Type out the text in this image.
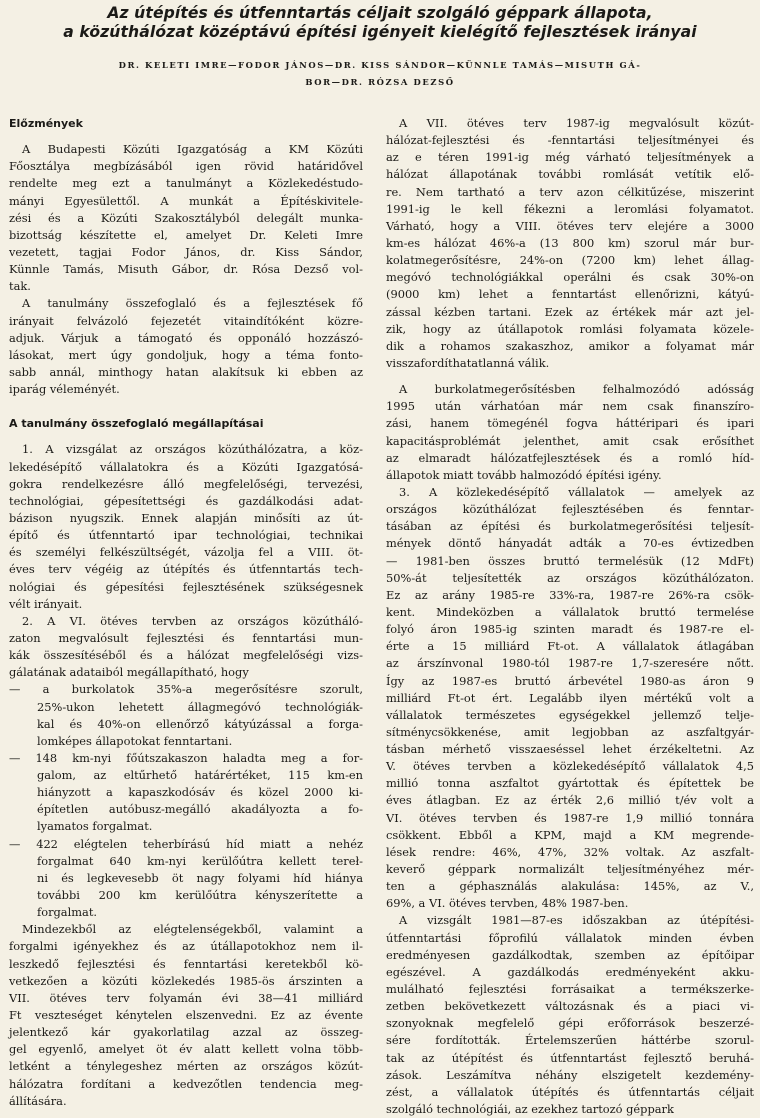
Az útépítés és útfenntartás céljait szolgáló géppark állapota,
a közúthálózat középtávú építési igényeit kielégítő fejlesztések irányai
DR. KELETI IMRE—FODOR JÁNOS—DR. KISS SÁNDOR—KÜNNLE TAMÁS—MISUTH GÁ-
BOR—DR. RÓZSA DEZSŐ
Előzmények
A Budapesti Közúti Igazgatóság a KM Közúti
Főosztálya megbízásából igen rövid határidővel
rendelte meg ezt a tanulmányt a Közlekedéstudo-
mányi Egyesülettől. A munkát a Építéskivitele-
zési és a Közúti Szakosztályból delegált munka-
bizottság készítette el, amelyet Dr. Keleti Imre
vezetett, tagjai Fodor János, dr. Kiss Sándor,
Künnle Tamás, Misuth Gábor, dr. Rósa Dezső vol-
tak.
A tanulmány összefoglaló és a fejlesztések fő
irányait felvázoló fejezetét vitaindítóként közre-
adjuk. Várjuk a támogató és opponáló hozzászó-
lásokat, mert úgy gondoljuk, hogy a téma fonto-
sabb annál, minthogy hatan alakítsuk ki ebben az
iparág véleményét.
A tanulmány összefoglaló megállapításai
1. A vizsgálat az országos közúthálózatra, a köz-
lekedésépítő vállalatokra és a Közúti Igazgatósá-
gokra rendelkezésre álló megfelelőségi, tervezési,
technológiai, gépesítettségi és gazdálkodási adat-
bázison nyugszik. Ennek alapján minősíti az út-
építő és útfenntartó ipar technológiai, technikai
és személyi felkészültségét, vázolja fel a VIII. öt-
éves terv végéig az útépítés és útfenntartás tech-
nológiai és gépesítési fejlesztésének szükségesnek
vélt irányait.
2. A VI. ötéves tervben az országos közúthálό-
zaton megvalósult fejlesztési és fenntartási mun-
kák összesítéséből és a hálózat megfelelőségi vizs-
gálatának adataiból megállapítható, hogy
— a burkolatok 35%-a megerősítésre szorult,
25%-ukon lehetett állagmegóvó technológiák-
kal és 40%-on ellenőrző kátyúzással a forga-
lomképes állapotokat fenntartani.
— 148 km-nyi főútszakaszon haladta meg a for-
galom, az eltűrhető határértéket, 115 km-en
hiányzott a kapaszkodósáv és közel 2000 ki-
építetlen autóbusz-megálló akadályozta a fo-
lyamatos forgalmat.
— 422 elégtelen teherbírású híd miatt a nehéz
forgalmat 640 km-nyi kerülőútra kellett tereł-
ni és legkevesebb öt nagy folyami híd hiánya
további 200 km kerülőútra kényszerítette a
forgalmat.
Mindezekből az elégtelenségekből, valamint a
forgalmi igényekhez és az útállapotokhoz nem il-
leszkedő fejlesztési és fenntartási keretekből kö-
vetkezően a közúti közlekedés 1985-ös árszinten a
VII. ötéves terv folyamán évi 38—41 milliárd
Ft veszteséget kénytelen elszenvedni. Ez az évente
jelentkező kár gyakorlatilag azzal az összeg-
gel egyenlő, amelyet öt év alatt kellett volna több-
letként a ténylegeshez mérten az országos közút-
hálózatra fordítani a kedvezőtlen tendencia meg-
állítására.
A VII. ötéves terv 1987-ig megvalósult közút-
hálózat-fejlesztési és -fenntartási teljesítményei és
az e téren 1991-ig még várható teljesítmények a
hálózat állapotának további romlását vetítik elő-
re. Nem tartható a terv azon célkitűzése, miszerint
1991-ig le kell fékezni a leromlási folyamatot.
Várható, hogy a VIII. ötéves terv elejére a 3000
km-es hálózat 46%-a (13 800 km) szorul már bur-
kolatmegerősítésre, 24%-on (7200 km) lehet állag-
megóvó technológiákkal operálni és csak 30%-on
(9000 km) lehet a fenntartást ellenőrizni, kátyú-
zással kézben tartani. Ezek az értékek már azt jel-
zik, hogy az útállapotok romlási folyamata közele-
dik a rohamos szakaszhoz, amikor a folyamat már
visszafordíthatatlanná válik.
A burkolatmegerősítésben felhalmozódó adósság
1995 után várhatóan már nem csak finanszíro-
zási, hanem tömegénél fogva háttéripari és ipari
kapacitásproblémát jelenthet, amit csak erősíthet
az elmaradt hálózatfejlesztések és a romló híd-
állapotok miatt tovább halmozódó építési igény.
3. A közlekedésépítő vállalatok — amelyek az
országos közúthálózat fejlesztésében és fenntar-
tásában az építési és burkolatmegerősítési teljesít-
mények döntő hányadát adták a 70-es évtizedben
— 1981-ben összes bruttó termelésük (12 MdFt)
50%-át teljesítették az országos közúthálózaton.
Ez az arány 1985-re 33%-ra, 1987-re 26%-ra csök-
kent. Mindeközben a vállalatok bruttó termelése
folyó áron 1985-ig szinten maradt és 1987-re el-
érte a 15 milliárd Ft-ot. A vállalatok átlagában
az árszínvonal 1980-tól 1987-re 1,7-szeresére nőtt.
Így az 1987-es bruttó árbevétel 1980-as áron 9
milliárd Ft-ot ért. Legalább ilyen mértékű volt a
vállalatok természetes egységekkel jellemző telje-
sítménycsökkenése, amit legjobban az aszfaltgyár-
tásban mérhető visszaeséssel lehet érzékeltetni. Az
V. ötéves tervben a közlekedésépítő vállalatok 4,5
millió tonna aszfaltot gyártottak és építettek be
éves átlagban. Ez az érték 2,6 millió t/év volt a
VI. ötéves tervben és 1987-re 1,9 millió tonnára
csökkent. Ebből a KPM, majd a KM megrende-
lések rendre: 46%, 47%, 32% voltak. Az aszfalt-
keverő géppark normalizált teljesítményéhez mér-
ten a géphasználás alakulása: 145%, az V.,
69%, a VI. ötéves tervben, 48% 1987-ben.
A vizsgált 1981—87-es időszakban az útépítési-
útfenntartási főprofilú vállalatok minden évben
eredményesen gazdálkodtak, szemben az építőipar
egészével. A gazdálkodás eredményeként akku-
mulálható fejlesztési forrásaikat a termékszerke-
zetben bekövetkezett változásnak és a piaci vi-
szonyoknak megfelelő gépi erőforrások beszerzé-
sére fordították. Értelemszerűen háttérbe szorul-
tak az útépítést és útfenntartást fejlesztő beruhá-
zások. Leszámítva néhány elszigetelt kezdemény-
zést, a vállalatok útépítés és útfenntartás céljait
szolgáló technológiái, az ezekhez tartozó géppark
